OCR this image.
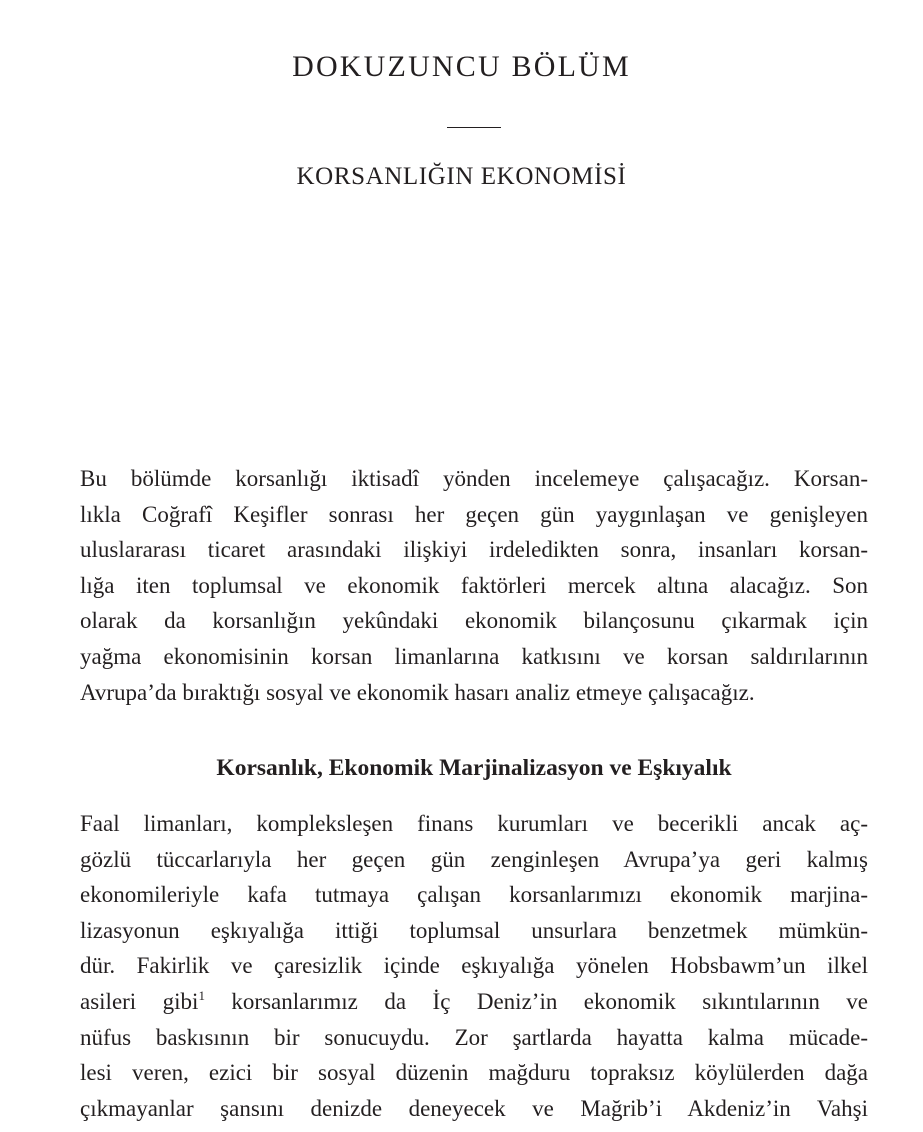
DOKUZUNCU BÖLÜM
KORSANLIĞIN EKONOMİSİ
Bu bölümde korsanlığı iktisadî yönden incelemeye çalışacağız. Korsan-
lıkla Coğrafî Keşifler sonrası her geçen gün yaygınlaşan ve genişleyen
uluslararası ticaret arasındaki ilişkiyi irdeledikten sonra, insanları korsan-
lığa iten toplumsal ve ekonomik faktörleri mercek altına alacağız. Son
olarak da korsanlığın yekûndaki ekonomik bilançosunu çıkarmak için
yağma ekonomisinin korsan limanlarına katkısını ve korsan saldırılarının
Avrupa’da bıraktığı sosyal ve ekonomik hasarı analiz etmeye çalışacağız.
Korsanlık, Ekonomik Marjinalizasyon ve Eşkıyalık
Faal limanları, kompleksleşen finans kurumları ve becerikli ancak aç-
gözlü tüccarlarıyla her geçen gün zenginleşen Avrupa’ya geri kalmış
ekonomileriyle kafa tutmaya çalışan korsanlarımızı ekonomik marjina-
lizasyonun eşkıyalığa ittiği toplumsal unsurlara benzetmek mümkün-
dür. Fakirlik ve çaresizlik içinde eşkıyalığa yönelen Hobsbawm’un ilkel
asileri gibi$^1$ korsanlarımız da İç Deniz’in ekonomik sıkıntılarının ve
nüfus baskısının bir sonucuydu. Zor şartlarda hayatta kalma mücade-
lesi veren, ezici bir sosyal düzenin mağduru topraksız köylülerden dağa
çıkmayanlar şansını denizde deneyecek ve Mağrib’i Akdeniz’in Vahşi
